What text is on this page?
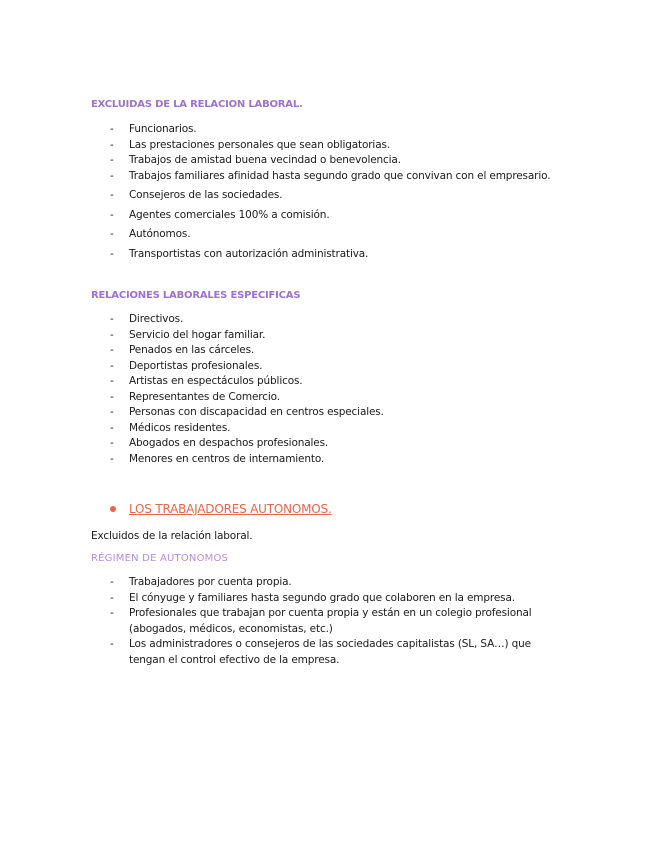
EXCLUIDAS DE LA RELACION LABORAL.
- Funcionarios.
- Las prestaciones personales que sean obligatorias.
- Trabajos de amistad buena vecindad o benevolencia.
- Trabajos familiares afinidad hasta segundo grado que convivan con el empresario.
- Consejeros de las sociedades.
- Agentes comerciales 100% a comisión.
- Autónomos.
- Transportistas con autorización administrativa.
RELACIONES LABORALES ESPECIFICAS
- Directivos.
- Servicio del hogar familiar.
- Penados en las cárceles.
- Deportistas profesionales.
- Artistas en espectáculos públicos.
- Representantes de Comercio.
- Personas con discapacidad en centros especiales.
- Médicos residentes.
- Abogados en despachos profesionales.
- Menores en centros de internamiento.
LOS TRABAJADORES AUTONOMOS.
Excluidos de la relación laboral.
RÉGIMEN DE AUTONOMOS
- Trabajadores por cuenta propia.
- El cónyuge y familiares hasta segundo grado que colaboren en la empresa.
- Profesionales que trabajan por cuenta propia y están en un colegio profesional (abogados, médicos, economistas, etc.)
- Los administradores o consejeros de las sociedades capitalistas (SL, SA…) que tengan el control efectivo de la empresa.
